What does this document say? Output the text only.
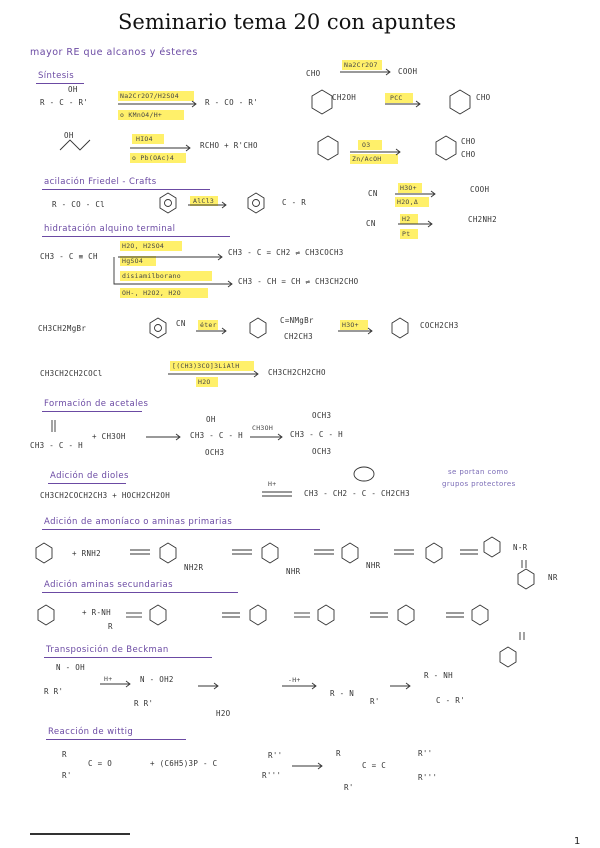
Seminario tema 20 con apuntes
mayor RE que alcanos y ésteres
Síntesis
OH
R - C - R'
Na2Cr2O7/H2SO4
o KMnO4/H+
R - CO - R'
CHO
Na2Cr2O7
COOH
CH2OH	PCC	CHO
OH	HIO4
o Pb(OAc)4
RCHO + R'CHO	O3
Zn/AcOH
CHO
CHO
acilación Friedel - Crafts
R - CO - Cl	AlCl3	C - R
CN
H3O+
H2O,Δ
COOH
CN	H2
Pt
CH2NH2
hidratación alquino terminal
CH3 - C ≡ CH
H2O, H2SO4
HgSO4
CH3 - C = CH2 ⇌ CH3COCH3
disiamilborano
OH-, H2O2, H2O
CH3 - CH = CH ⇌ CH3CH2CHO
CH3CH2MgBr
CN éter	C=NMgBr
CH2CH3
H3O+	COCH2CH3
CH3CH2CH2COCl
[(CH3)3CO]3LiAlH
H2O
CH3CH2CH2CHO
Formación de acetales
CH3 - C - H
+ CH3OH
OH
CH3 - C - H
OCH3
CH3OH
OCH3
CH3 - C - H
OCH3
Adición de dioles
CH3CH2COCH2CH3 + HOCH2CH2OH
H+
CH3 - CH2 - C - CH2CH3
se portan como
grupos protectores
Adición de amoníaco o aminas primarias
+ RNH2
NH2R	NHR
NHR
N-R
NR
Adición aminas secundarias
+ R-NH
R
Transposición de Beckman
N - OH
R R'
H+	N - OH2
R R'
H2O
-H+
R - N
R'
R - NH
C - R'
Reacción de wittig
R
C = O
R'
+ (C6H5)3P - C
R''
R'''
R
C = C
R''
R'
R'''
1
